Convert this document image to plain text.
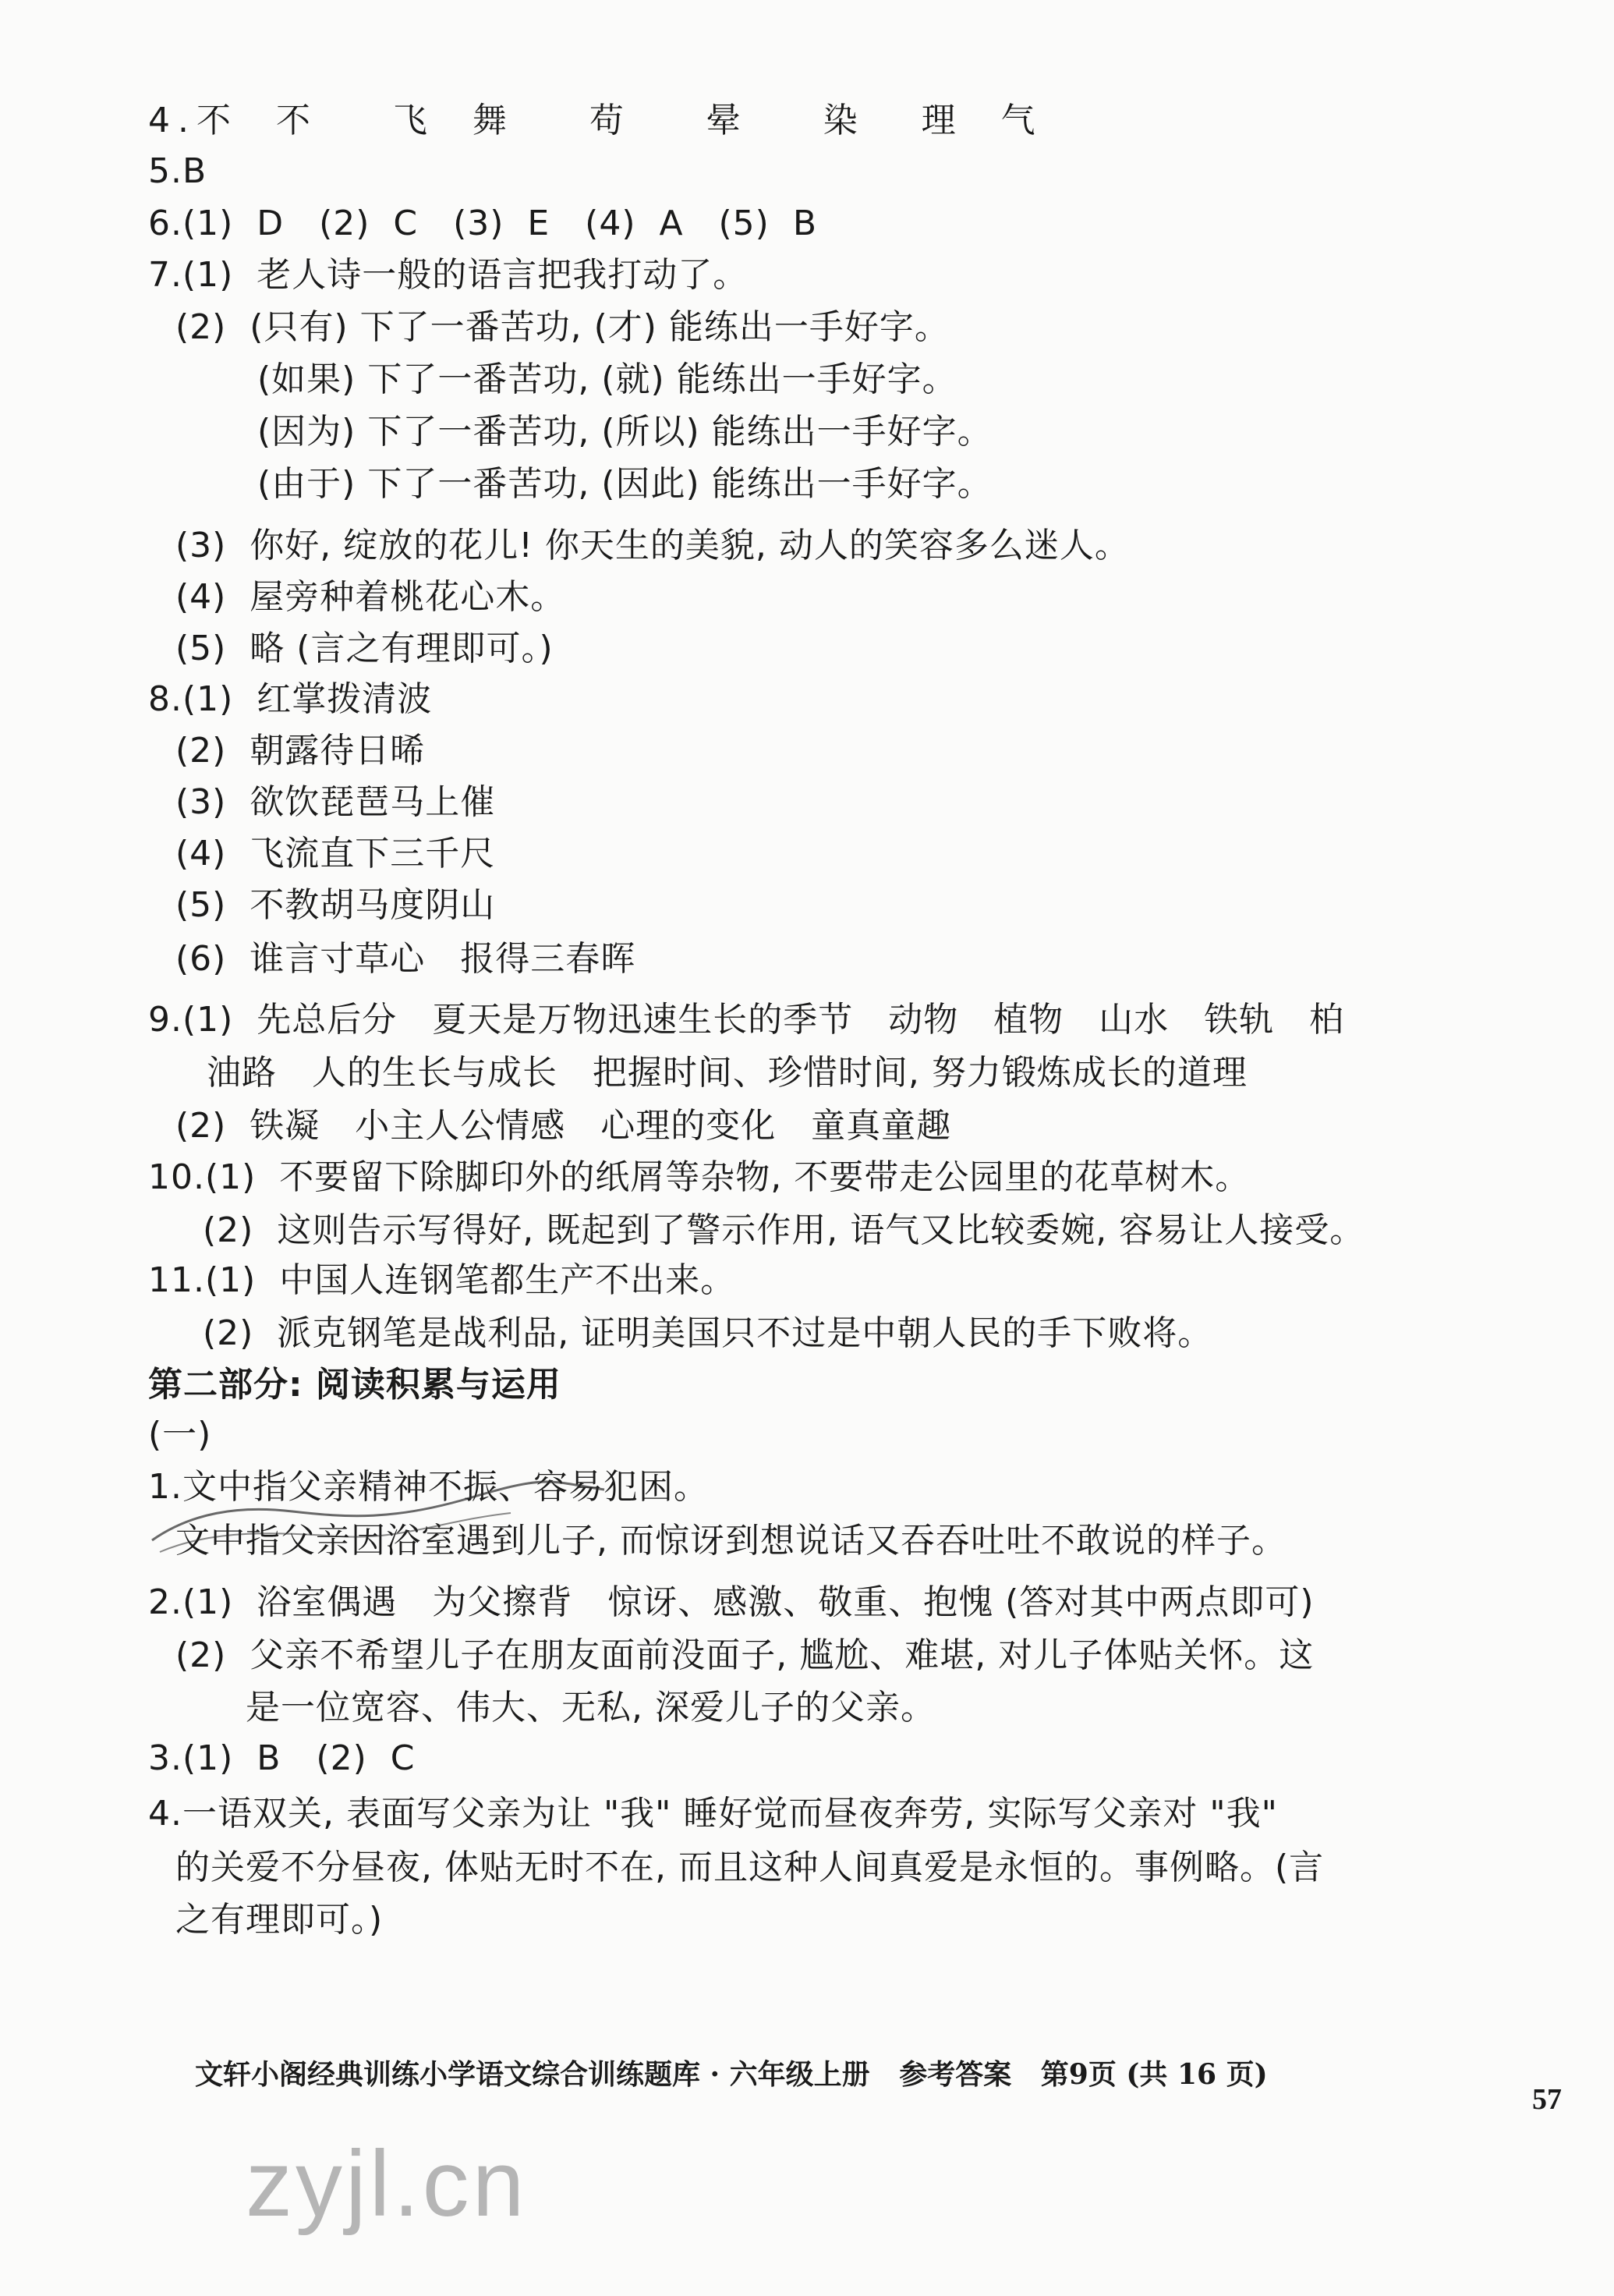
4.不  不    飞  舞    苟    晕    染   理  气
5.B
6.(1)  D   (2)  C   (3)  E   (4)  A   (5)  B
7.(1)  老人诗一般的语言把我打动了。
(2)  (只有) 下了一番苦功, (才) 能练出一手好字。
(如果) 下了一番苦功, (就) 能练出一手好字。
(因为) 下了一番苦功, (所以) 能练出一手好字。
(由于) 下了一番苦功, (因此) 能练出一手好字。
(3)  你好, 绽放的花儿! 你天生的美貌, 动人的笑容多么迷人。
(4)  屋旁种着桃花心木。
(5)  略 (言之有理即可。)
8.(1)  红掌拨清波
(2)  朝露待日晞
(3)  欲饮琵琶马上催
(4)  飞流直下三千尺
(5)  不教胡马度阴山
(6)  谁言寸草心   报得三春晖
9.(1)  先总后分   夏天是万物迅速生长的季节   动物   植物   山水   铁轨   柏
油路   人的生长与成长   把握时间、珍惜时间, 努力锻炼成长的道理
(2)  铁凝   小主人公情感   心理的变化   童真童趣
10.(1)  不要留下除脚印外的纸屑等杂物, 不要带走公园里的花草树木。
(2)  这则告示写得好, 既起到了警示作用, 语气又比较委婉, 容易让人接受。
11.(1)  中国人连钢笔都生产不出来。
(2)  派克钢笔是战利品, 证明美国只不过是中朝人民的手下败将。
第二部分: 阅读积累与运用
(一)
1.文中指父亲精神不振、容易犯困。
文中指父亲因浴室遇到儿子, 而惊讶到想说话又吞吞吐吐不敢说的样子。
2.(1)  浴室偶遇   为父擦背   惊讶、感激、敬重、抱愧 (答对其中两点即可)
(2)  父亲不希望儿子在朋友面前没面子, 尴尬、难堪, 对儿子体贴关怀。这
是一位宽容、伟大、无私, 深爱儿子的父亲。
3.(1)  B   (2)  C
4.一语双关, 表面写父亲为让 "我" 睡好觉而昼夜奔劳, 实际写父亲对 "我"
的关爱不分昼夜, 体贴无时不在, 而且这种人间真爱是永恒的。事例略。(言
之有理即可。)
文轩小阁经典训练小学语文综合训练题库 · 六年级上册   参考答案   第9页 (共 16 页)
57
zyjl.cn
